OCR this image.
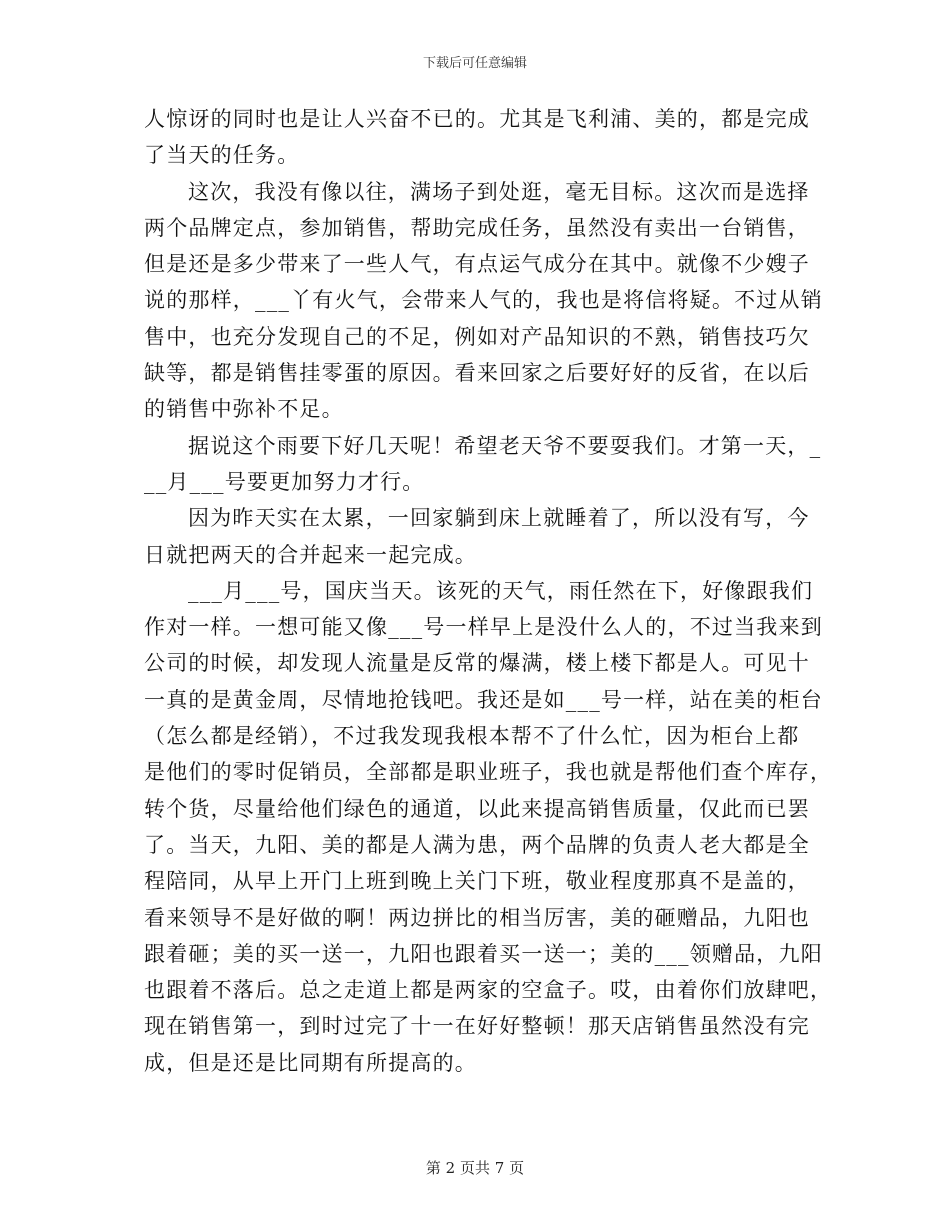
下载后可任意编辑

人惊讶的同时也是让人兴奋不已的。尤其是飞利浦、美的，都是完成
了当天的任务。

这次，我没有像以往，满场子到处逛，毫无目标。这次而是选择
两个品牌定点，参加销售，帮助完成任务，虽然没有卖出一台销售，
但是还是多少带来了一些人气，有点运气成分在其中。就像不少嫂子
说的那样，___丫有火气，会带来人气的，我也是将信将疑。不过从销
售中，也充分发现自己的不足，例如对产品知识的不熟，销售技巧欠
缺等，都是销售挂零蛋的原因。看来回家之后要好好的反省，在以后
的销售中弥补不足。

据说这个雨要下好几天呢！希望老天爷不要耍我们。才第一天，_
__月___号要更加努力才行。

因为昨天实在太累，一回家躺到床上就睡着了，所以没有写，今
日就把两天的合并起来一起完成。

___月___号，国庆当天。该死的天气，雨任然在下，好像跟我们
作对一样。一想可能又像___号一样早上是没什么人的，不过当我来到
公司的时候，却发现人流量是反常的爆满，楼上楼下都是人。可见十
一真的是黄金周，尽情地抢钱吧。我还是如___号一样，站在美的柜台
（怎么都是经销），不过我发现我根本帮不了什么忙，因为柜台上都
是他们的零时促销员，全部都是职业班子，我也就是帮他们查个库存，
转个货，尽量给他们绿色的通道，以此来提高销售质量，仅此而已罢
了。当天，九阳、美的都是人满为患，两个品牌的负责人老大都是全
程陪同，从早上开门上班到晚上关门下班，敬业程度那真不是盖的，
看来领导不是好做的啊！两边拼比的相当厉害，美的砸赠品，九阳也
跟着砸；美的买一送一，九阳也跟着买一送一；美的___领赠品，九阳
也跟着不落后。总之走道上都是两家的空盒子。哎，由着你们放肆吧，
现在销售第一，到时过完了十一在好好整顿！那天店销售虽然没有完
成，但是还是比同期有所提高的。

第 2 页共 7 页
